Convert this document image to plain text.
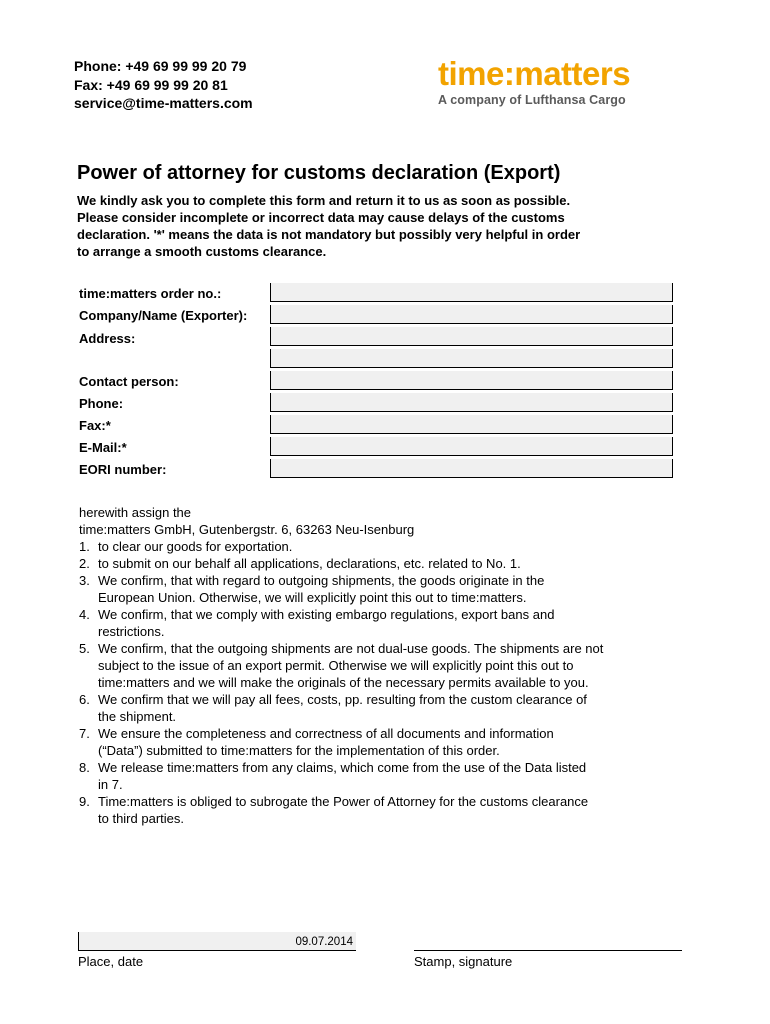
Phone: +49 69 99 99 20 79
Fax: +49 69 99 99 20 81
service@time-matters.com
time:matters
A company of Lufthansa Cargo
Power of attorney for customs declaration (Export)
We kindly ask you to complete this form and return it to us as soon as possible.
Please consider incomplete or incorrect data may cause delays of the customs
declaration. '*' means the data is not mandatory but possibly very helpful in order
to arrange a smooth customs clearance.
time:matters order no.:
Company/Name (Exporter):
Address:
Contact person:
Phone:
Fax:*
E-Mail:*
EORI number:

herewith assign the

time:matters GmbH, Gutenbergstr. 6, 63263 Neu-Isenburg

1. to clear our goods for exportation.
2. to submit on our behalf all applications, declarations, etc. related to No. 1.
3. We confirm, that with regard to outgoing shipments, the goods originate in the
European Union. Otherwise, we will explicitly point this out to time:matters.
4. We confirm, that we comply with existing embargo regulations, export bans and
restrictions.
5. We confirm, that the outgoing shipments are not dual-use goods. The shipments are not
subject to the issue of an export permit. Otherwise we will explicitly point this out to
time:matters and we will make the originals of the necessary permits available to you.
6. We confirm that we will pay all fees, costs, pp. resulting from the custom clearance of
the shipment.
7. We ensure the completeness and correctness of all documents and information
(“Data”) submitted to time:matters for the implementation of this order.
8. We release time:matters from any claims, which come from the use of the Data listed
in 7.
9. Time:matters is obliged to subrogate the Power of Attorney for the customs clearance
to third parties.
09.07.2014
Place, date	Stamp, signature
